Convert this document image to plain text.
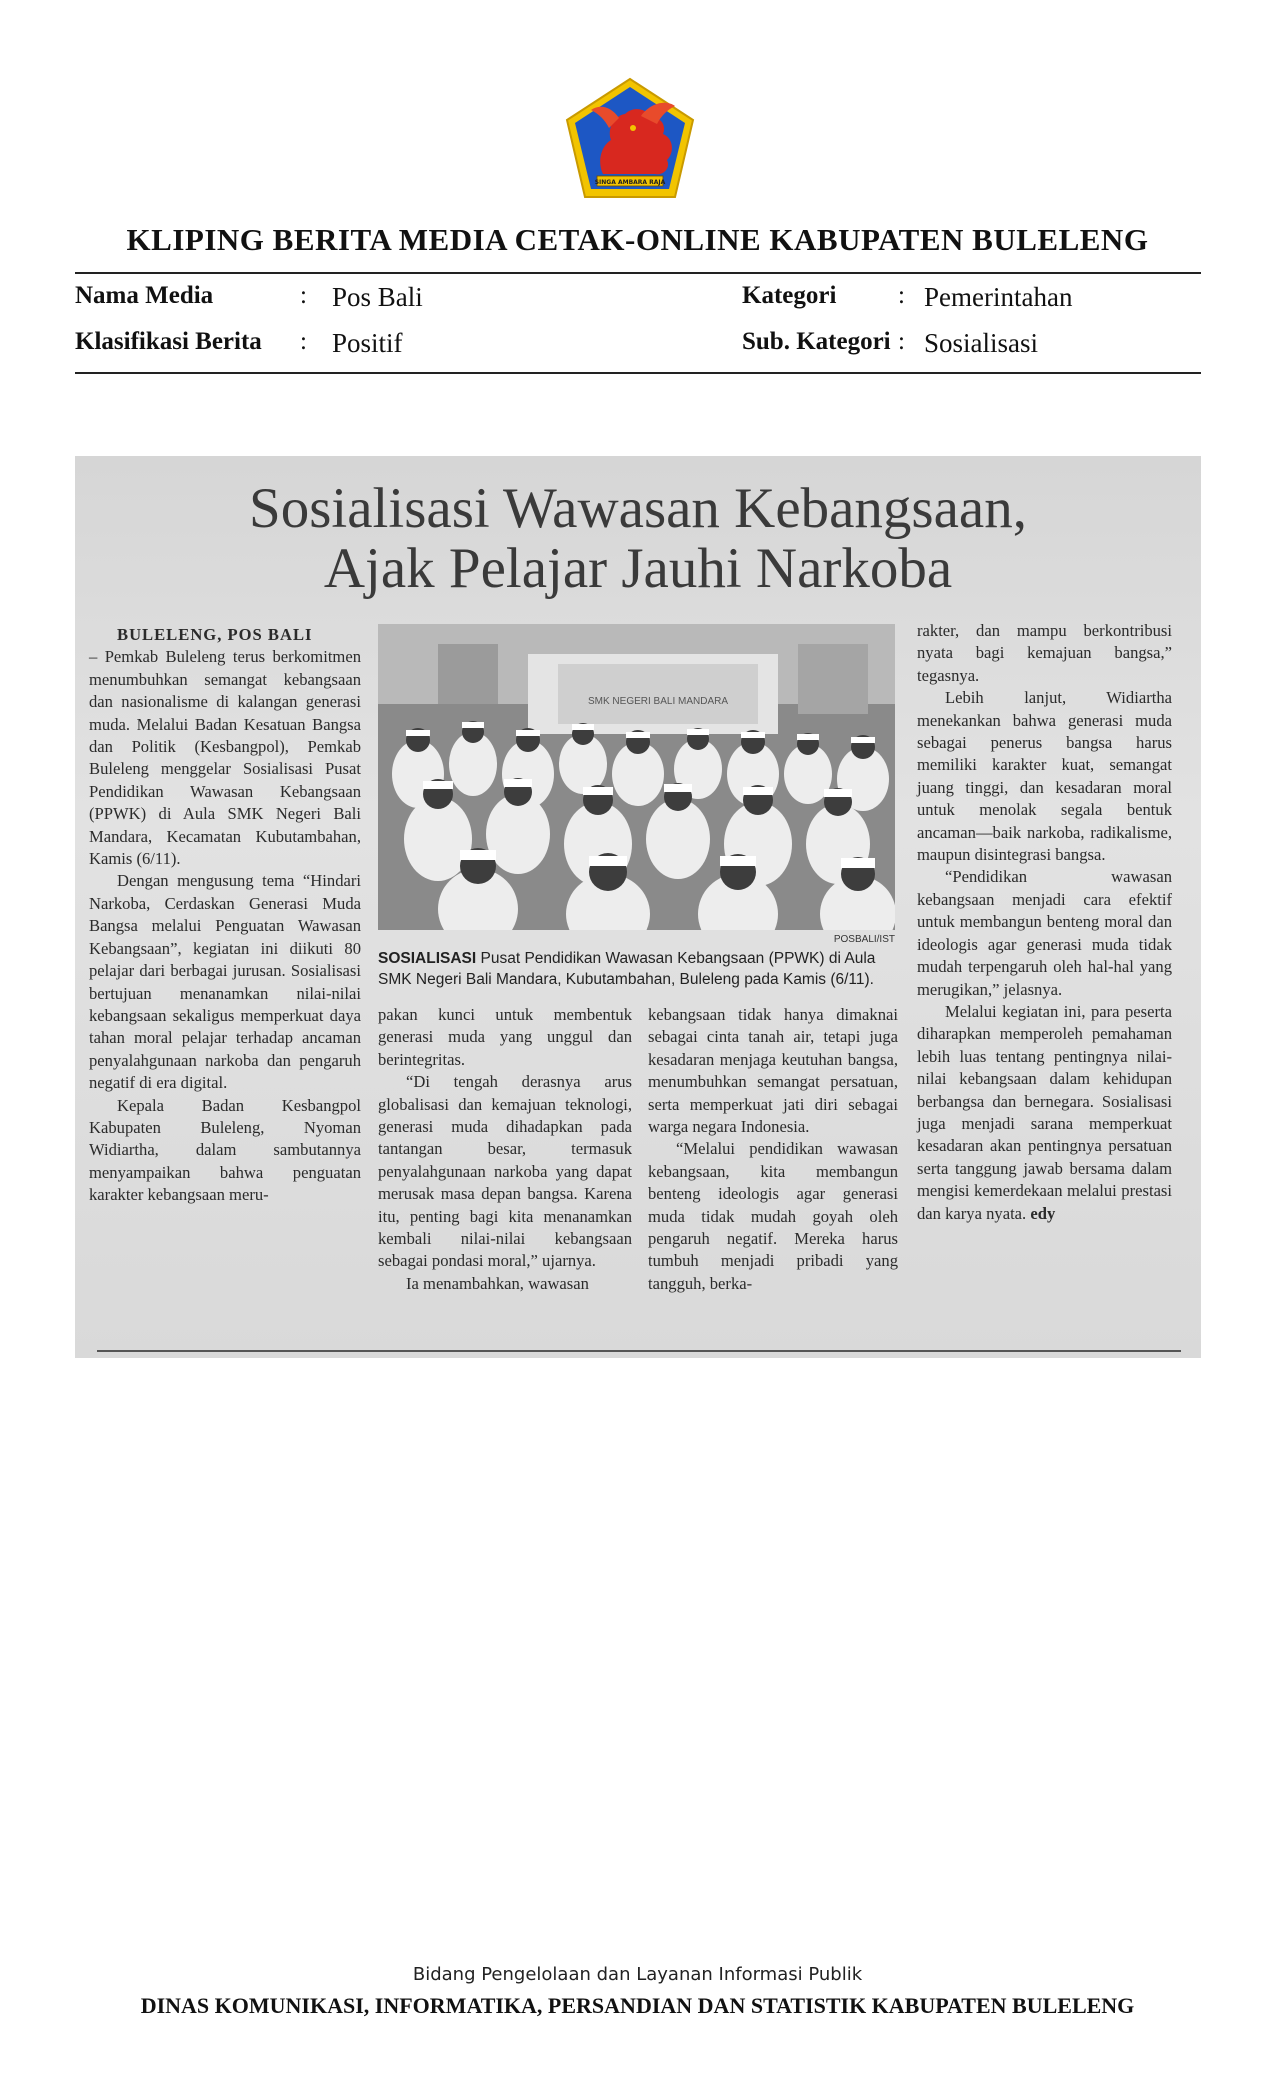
SINGA AMBARA RAJA
KLIPING BERITA MEDIA CETAK-ONLINE KABUPATEN BULELENG
Nama Media	: Pos Bali
Klasifikasi Berita : Positif
Kategori : Pemerintahan
Sub. Kategori : Sosialisasi
Sosialisasi Wawasan Kebangsaan,
Ajak Pelajar Jauhi Narkoba
BULELENG, POS BALI

– Pemkab Buleleng terus berkomitmen menumbuhkan semangat kebangsaan dan nasionalisme di kalangan generasi muda. Melalui Badan Kesatuan Bangsa dan Politik (Kesbangpol), Pemkab Buleleng menggelar Sosialisasi Pusat Pendidikan Wawasan Kebangsaan (PPWK) di Aula SMK Negeri Bali Mandara, Kecamatan Kubutambahan, Kamis (6/11).

Dengan mengusung tema “Hindari Narkoba, Cerdaskan Generasi Muda Bangsa melalui Penguatan Wawasan Kebangsaan”, kegiatan ini diikuti 80 pelajar dari berbagai jurusan. Sosialisasi bertujuan menanamkan nilai-nilai kebangsaan sekaligus memperkuat daya tahan moral pelajar terhadap ancaman penyalahgunaan narkoba dan pengaruh negatif di era digital.

Kepala Badan Kesbangpol Kabupaten Buleleng, Nyoman Widiartha, dalam sambutannya menyampaikan bahwa penguatan karakter kebangsaan meru-

SMK NEGERI BALI MANDARA
POSBALI/IST
SOSIALISASI Pusat Pendidikan Wawasan Kebangsaan (PPWK) di Aula SMK Negeri Bali Mandara, Kubutambahan, Buleleng pada Kamis (6/11).

pakan kunci untuk membentuk generasi muda yang unggul dan berintegritas.

“Di tengah derasnya arus globalisasi dan kemajuan teknologi, generasi muda dihadapkan pada tantangan besar, termasuk penyalahgunaan narkoba yang dapat merusak masa depan bangsa. Karena itu, penting bagi kita menanamkan kembali nilai-nilai kebangsaan sebagai pondasi moral,” ujarnya.

Ia menambahkan, wawasan

kebangsaan tidak hanya dimaknai sebagai cinta tanah air, tetapi juga kesadaran menjaga keutuhan bangsa, menumbuhkan semangat persatuan, serta memperkuat jati diri sebagai warga negara Indonesia.

“Melalui pendidikan wawasan kebangsaan, kita membangun benteng ideologis agar generasi muda tidak mudah goyah oleh pengaruh negatif. Mereka harus tumbuh menjadi pribadi yang tangguh, berka-

rakter, dan mampu berkontribusi nyata bagi kemajuan bangsa,” tegasnya.

Lebih lanjut, Widiartha menekankan bahwa generasi muda sebagai penerus bangsa harus memiliki karakter kuat, semangat juang tinggi, dan kesadaran moral untuk menolak segala bentuk ancaman—baik narkoba, radikalisme, maupun disintegrasi bangsa.

“Pendidikan wawasan kebangsaan menjadi cara efektif untuk membangun benteng moral dan ideologis agar generasi muda tidak mudah terpengaruh oleh hal-hal yang merugikan,” jelasnya.

Melalui kegiatan ini, para peserta diharapkan memperoleh pemahaman lebih luas tentang pentingnya nilai-nilai kebangsaan dalam kehidupan berbangsa dan bernegara. Sosialisasi juga menjadi sarana memperkuat kesadaran akan pentingnya persatuan serta tanggung jawab bersama dalam mengisi kemerdekaan melalui prestasi dan karya nyata. edy

Bidang Pengelolaan dan Layanan Informasi Publik
DINAS KOMUNIKASI, INFORMATIKA, PERSANDIAN DAN STATISTIK KABUPATEN BULELENG
